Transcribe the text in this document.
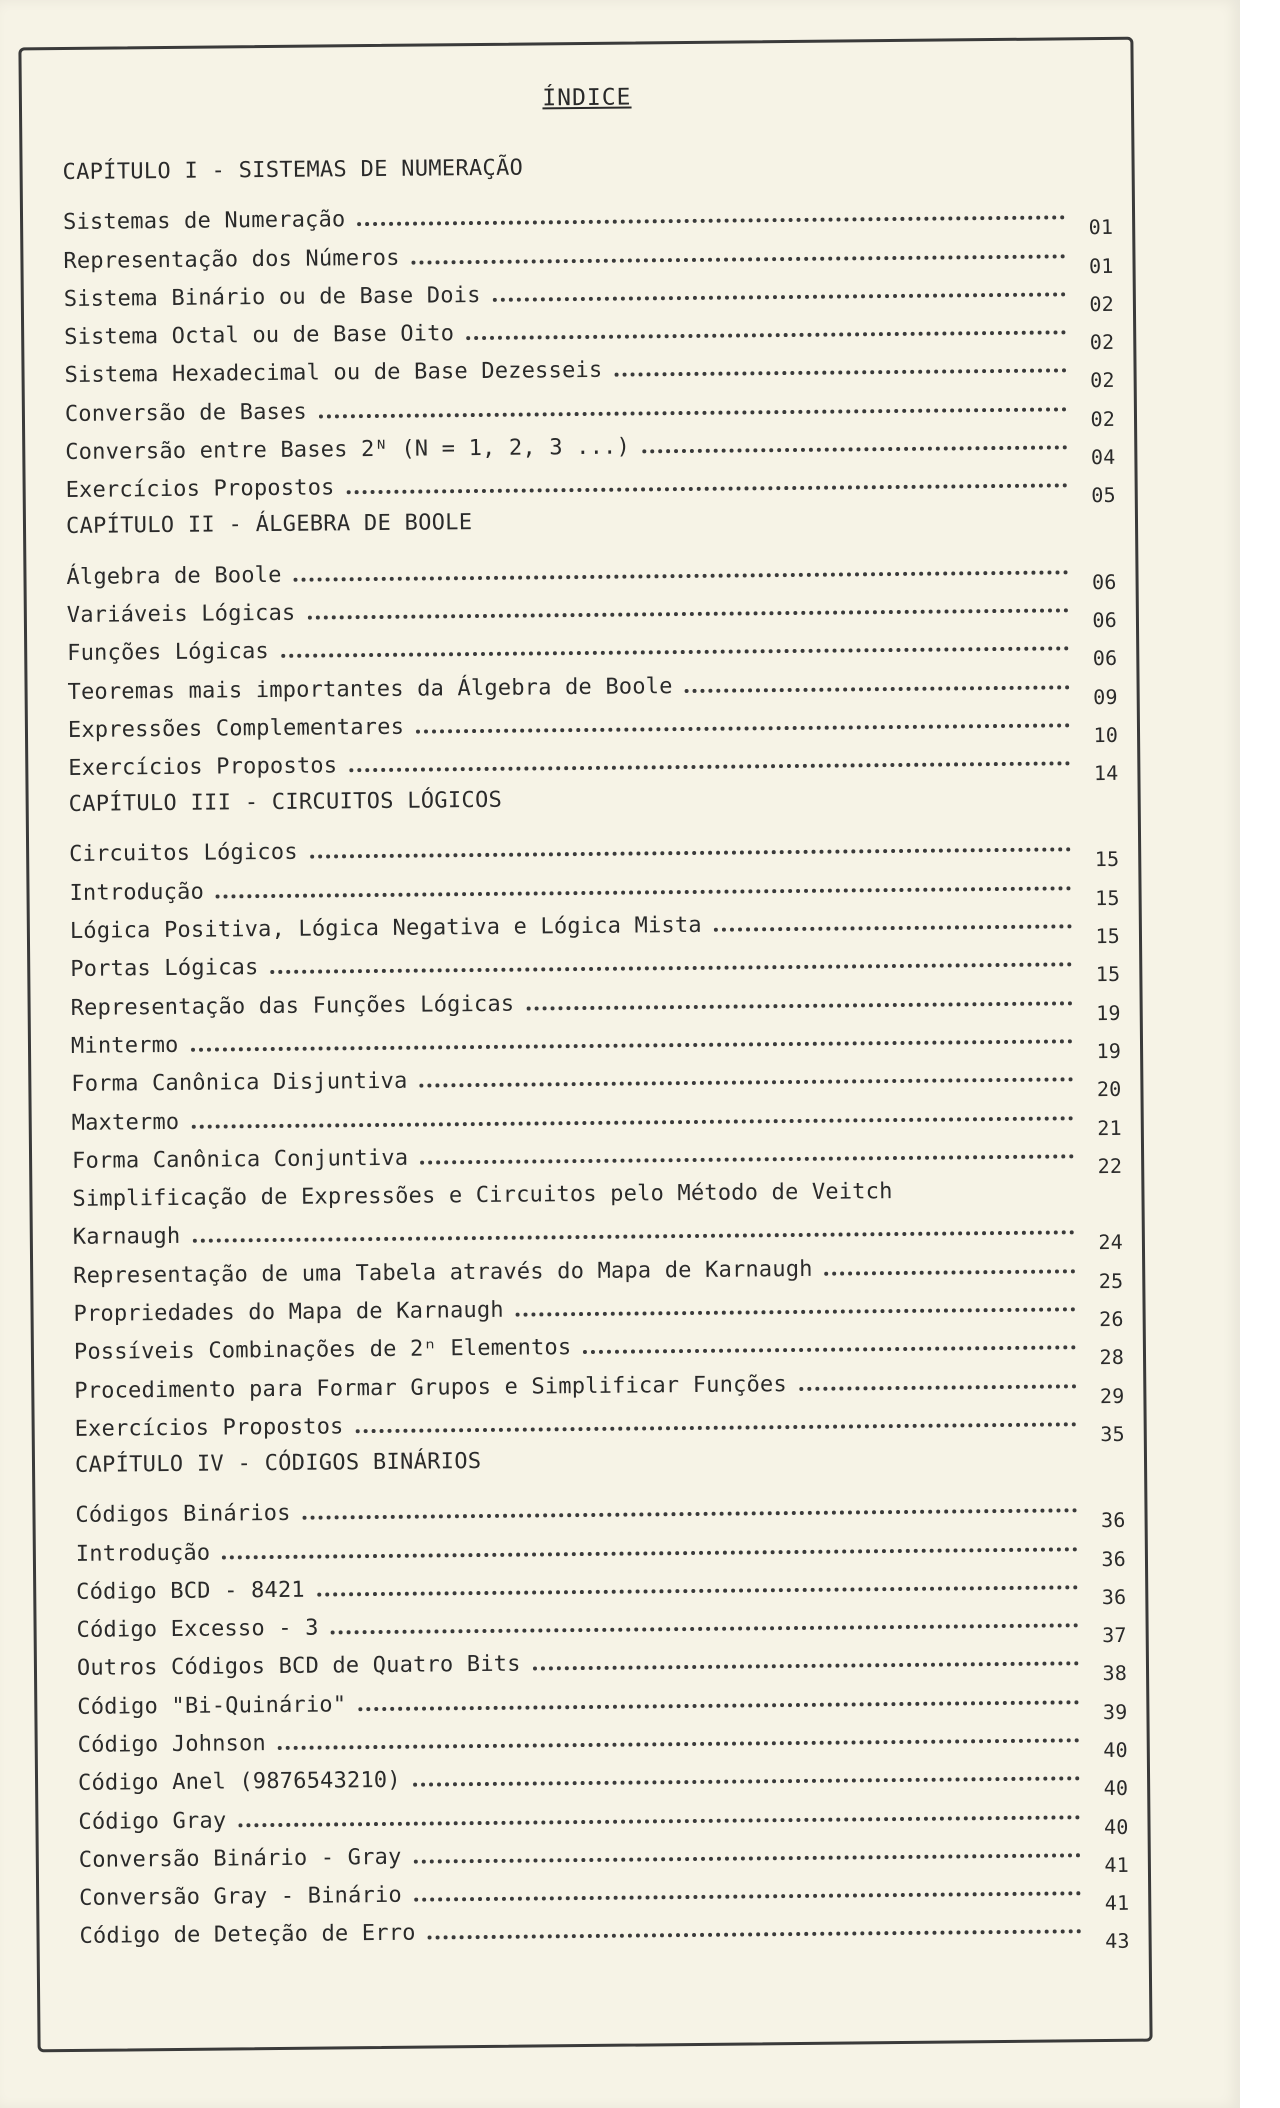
ÍNDICE
CAPÍTULO I - SISTEMAS DE NUMERAÇÃO
Sistemas de Numeração	01
Representação dos Números	01
Sistema Binário ou de Base Dois	02
Sistema Octal ou de Base Oito	02
Sistema Hexadecimal ou de Base Dezesseis	02
Conversão de Bases	02
Conversão entre Bases 2ᴺ (N = 1, 2, 3 ...)	04
Exercícios Propostos	05
CAPÍTULO II - ÁLGEBRA DE BOOLE
Álgebra de Boole	06
Variáveis Lógicas	06
Funções Lógicas	06
Teoremas mais importantes da Álgebra de Boole	09
Expressões Complementares	10
Exercícios Propostos	14
CAPÍTULO III - CIRCUITOS LÓGICOS
Circuitos Lógicos	15
Introdução	15
Lógica Positiva, Lógica Negativa e Lógica Mista	15
Portas Lógicas	15
Representação das Funções Lógicas	19
Mintermo	19
Forma Canônica Disjuntiva	20
Maxtermo	21
Forma Canônica Conjuntiva	22
Simplificação de Expressões e Circuitos pelo Método de Veitch
Karnaugh	24
Representação de uma Tabela através do Mapa de Karnaugh	25
Propriedades do Mapa de Karnaugh	26
Possíveis Combinações de 2ⁿ Elementos	28
Procedimento para Formar Grupos e Simplificar Funções	29
Exercícios Propostos	35
CAPÍTULO IV - CÓDIGOS BINÁRIOS
Códigos Binários	36
Introdução	36
Código BCD - 8421	36
Código Excesso - 3	37
Outros Códigos BCD de Quatro Bits	38
Código "Bi-Quinário"	39
Código Johnson	40
Código Anel (9876543210)	40
Código Gray	40
Conversão Binário - Gray	41
Conversão Gray - Binário	41
Código de Deteção de Erro	43
